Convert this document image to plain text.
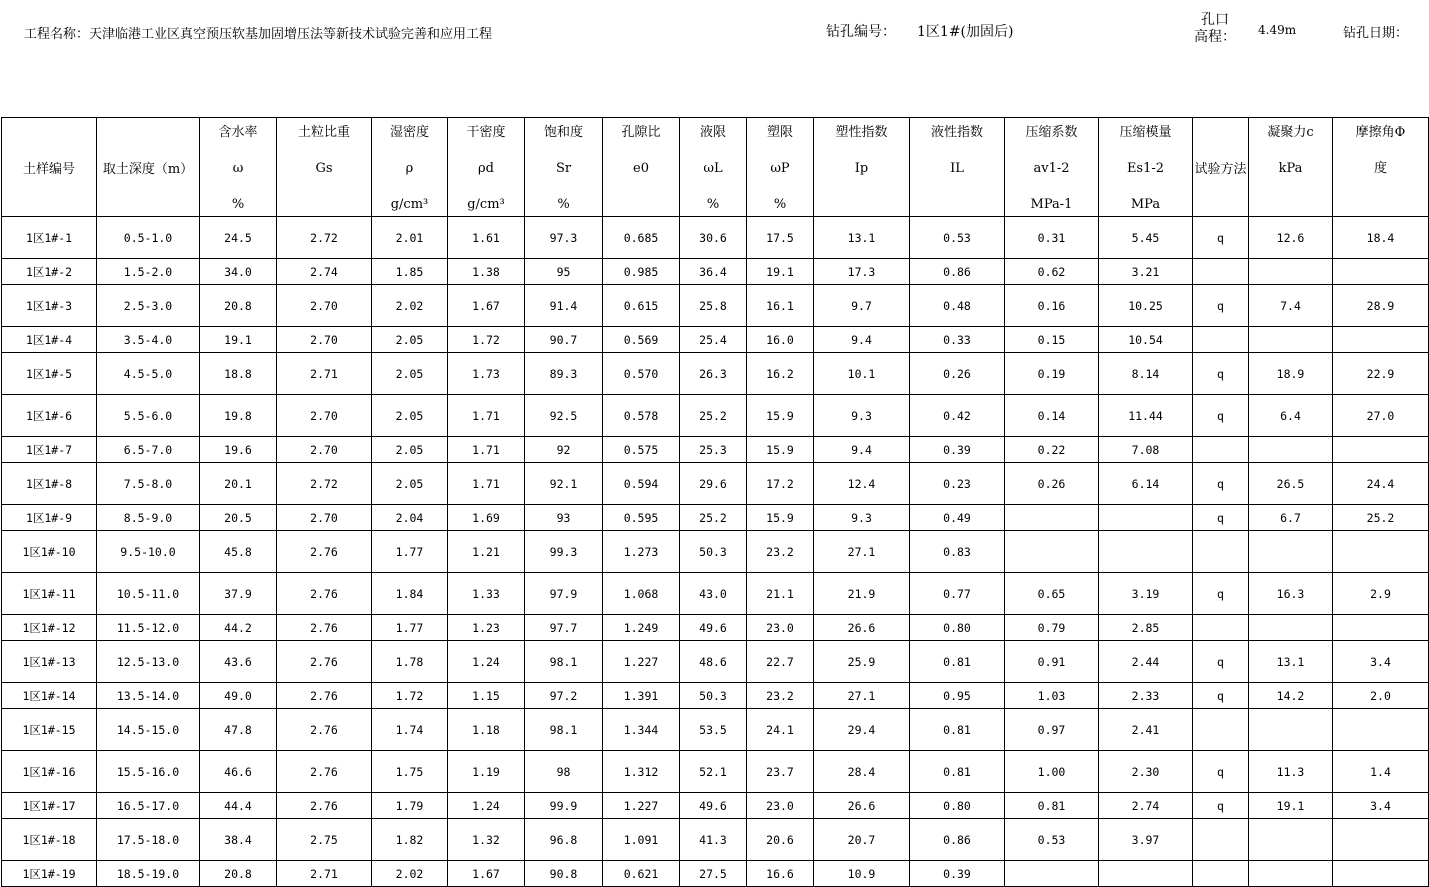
工程名称：天津临港工业区真空预压软基加固增压法等新技术试验完善和应用工程	钻孔编号： 1区1#(加固后)
孔口
高程： 4.49m	钻孔日期：
土样编号	取土深度（m）	含水率
ω
%	土粒比重
Gs	湿密度
ρ
g/cm³	干密度
ρd
g/cm³	饱和度
Sr
%	孔隙比
e0	液限
ωL
%	塑限
ωP
%	塑性指数
Ip	液性指数
IL	压缩系数
av1-2
MPa-1	压缩模量
Es1-2
MPa	试验方法	凝聚力c
kPa	摩擦角Φ
度

1区1#-1	0.5-1.0	24.5	2.72	2.01	1.61	97.3	0.685	30.6	17.5	13.1	0.53	0.31	5.45	q	12.6	18.4
1区1#-2	1.5-2.0	34.0	2.74	1.85	1.38	95	0.985	36.4	19.1	17.3	0.86	0.62	3.21			
1区1#-3	2.5-3.0	20.8	2.70	2.02	1.67	91.4	0.615	25.8	16.1	9.7	0.48	0.16	10.25	q	7.4	28.9
1区1#-4	3.5-4.0	19.1	2.70	2.05	1.72	90.7	0.569	25.4	16.0	9.4	0.33	0.15	10.54			
1区1#-5	4.5-5.0	18.8	2.71	2.05	1.73	89.3	0.570	26.3	16.2	10.1	0.26	0.19	8.14	q	18.9	22.9
1区1#-6	5.5-6.0	19.8	2.70	2.05	1.71	92.5	0.578	25.2	15.9	9.3	0.42	0.14	11.44	q	6.4	27.0
1区1#-7	6.5-7.0	19.6	2.70	2.05	1.71	92	0.575	25.3	15.9	9.4	0.39	0.22	7.08			
1区1#-8	7.5-8.0	20.1	2.72	2.05	1.71	92.1	0.594	29.6	17.2	12.4	0.23	0.26	6.14	q	26.5	24.4
1区1#-9	8.5-9.0	20.5	2.70	2.04	1.69	93	0.595	25.2	15.9	9.3	0.49			q	6.7	25.2
1区1#-10	9.5-10.0	45.8	2.76	1.77	1.21	99.3	1.273	50.3	23.2	27.1	0.83					
1区1#-11	10.5-11.0	37.9	2.76	1.84	1.33	97.9	1.068	43.0	21.1	21.9	0.77	0.65	3.19	q	16.3	2.9
1区1#-12	11.5-12.0	44.2	2.76	1.77	1.23	97.7	1.249	49.6	23.0	26.6	0.80	0.79	2.85			
1区1#-13	12.5-13.0	43.6	2.76	1.78	1.24	98.1	1.227	48.6	22.7	25.9	0.81	0.91	2.44	q	13.1	3.4
1区1#-14	13.5-14.0	49.0	2.76	1.72	1.15	97.2	1.391	50.3	23.2	27.1	0.95	1.03	2.33	q	14.2	2.0
1区1#-15	14.5-15.0	47.8	2.76	1.74	1.18	98.1	1.344	53.5	24.1	29.4	0.81	0.97	2.41			
1区1#-16	15.5-16.0	46.6	2.76	1.75	1.19	98	1.312	52.1	23.7	28.4	0.81	1.00	2.30	q	11.3	1.4
1区1#-17	16.5-17.0	44.4	2.76	1.79	1.24	99.9	1.227	49.6	23.0	26.6	0.80	0.81	2.74	q	19.1	3.4
1区1#-18	17.5-18.0	38.4	2.75	1.82	1.32	96.8	1.091	41.3	20.6	20.7	0.86	0.53	3.97			
1区1#-19	18.5-19.0	20.8	2.71	2.02	1.67	90.8	0.621	27.5	16.6	10.9	0.39					
